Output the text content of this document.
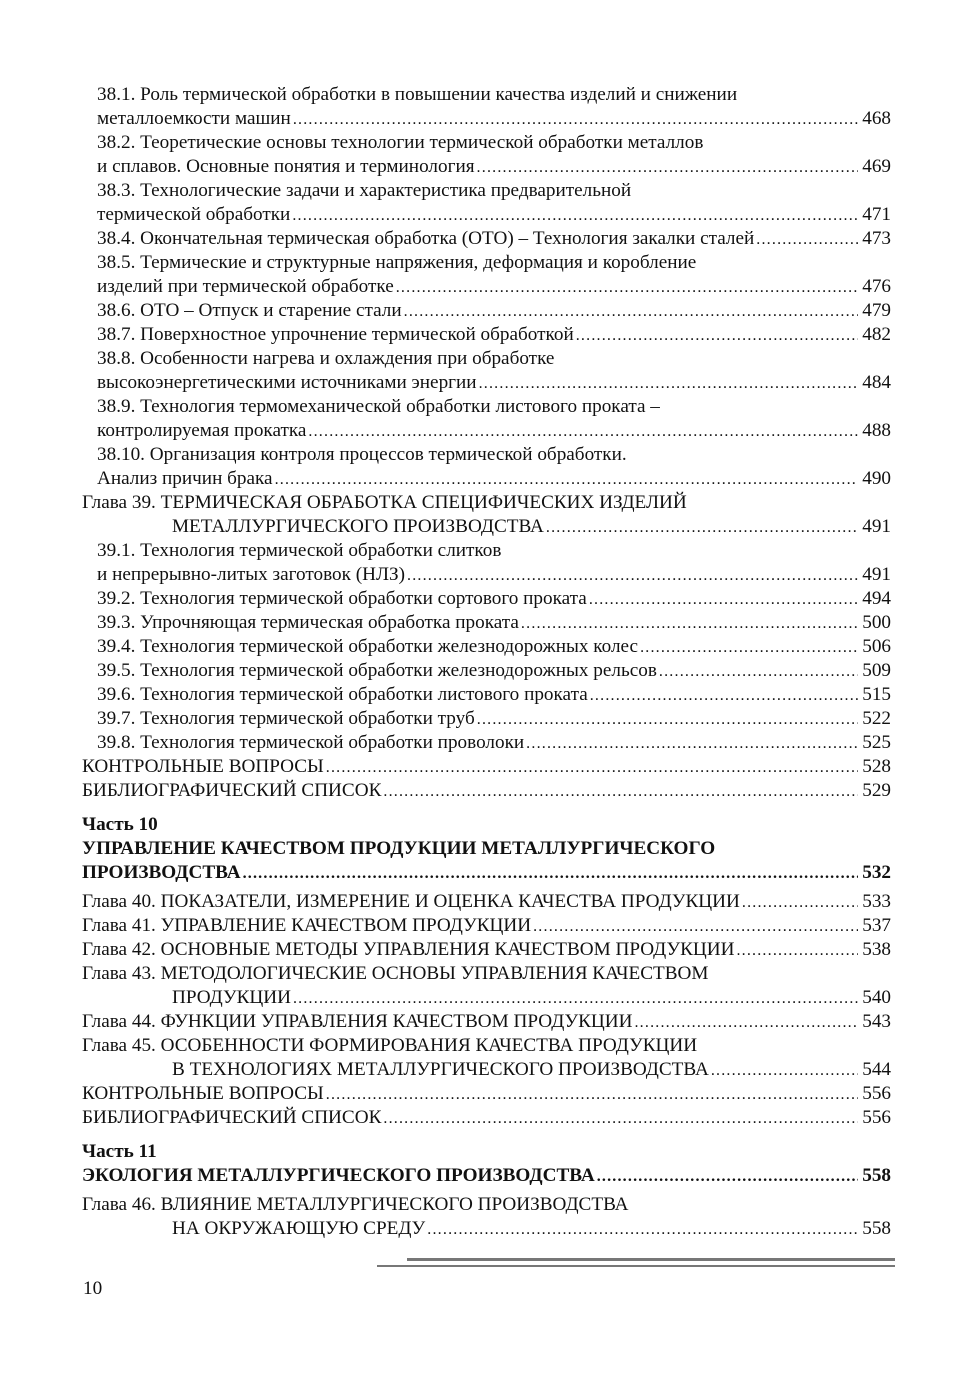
38.1. Роль термической обработки в повышении качества изделий и снижении
металлоемкости машин .....	468
38.2. Теоретические основы технологии термической обработки металлов
и сплавов. Основные понятия и терминология .....	469
38.3. Технологические задачи и характеристика предварительной
термической обработки .....	471
38.4. Окончательная термическая обработка (ОТО) – Технология закалки сталей .....	473
38.5. Термические и структурные напряжения, деформация и коробление
изделий при термической обработке .....	476
38.6. ОТО – Отпуск и старение стали .....	479
38.7. Поверхностное упрочнение термической обработкой .....	482
38.8. Особенности нагрева и охлаждения при обработке
высокоэнергетическими источниками энергии .....	484
38.9. Технология термомеханической обработки листового проката –
контролируемая прокатка .....	488
38.10. Организация контроля процессов термической обработки.
Анализ причин брака .....	490
Глава 39. ТЕРМИЧЕСКАЯ ОБРАБОТКА СПЕЦИФИЧЕСКИХ ИЗДЕЛИЙ
МЕТАЛЛУРГИЧЕСКОГО ПРОИЗВОДСТВА .....	491
39.1. Технология термической обработки слитков
и непрерывно-литых заготовок (НЛЗ) .....	491
39.2. Технология термической обработки сортового проката .....	494
39.3. Упрочняющая термическая обработка проката .....	500
39.4. Технология термической обработки железнодорожных колес .....	506
39.5. Технология термической обработки железнодорожных рельсов .....	509
39.6. Технология термической обработки листового проката .....	515
39.7. Технология термической обработки труб .....	522
39.8. Технология термической обработки проволоки .....	525
КОНТРОЛЬНЫЕ ВОПРОСЫ .....	528
БИБЛИОГРАФИЧЕСКИЙ СПИСОК .....	529
Часть 10
УПРАВЛЕНИЕ КАЧЕСТВОМ ПРОДУКЦИИ МЕТАЛЛУРГИЧЕСКОГО
ПРОИЗВОДСТВА .....	532
Глава 40. ПОКАЗАТЕЛИ, ИЗМЕРЕНИЕ И ОЦЕНКА КАЧЕСТВА ПРОДУКЦИИ .....	533
Глава 41. УПРАВЛЕНИЕ КАЧЕСТВОМ ПРОДУКЦИИ .....	537
Глава 42. ОСНОВНЫЕ МЕТОДЫ УПРАВЛЕНИЯ КАЧЕСТВОМ ПРОДУКЦИИ .....	538
Глава 43. МЕТОДОЛОГИЧЕСКИЕ ОСНОВЫ УПРАВЛЕНИЯ КАЧЕСТВОМ
ПРОДУКЦИИ .....	540
Глава 44. ФУНКЦИИ УПРАВЛЕНИЯ КАЧЕСТВОМ ПРОДУКЦИИ .....	543
Глава 45. ОСОБЕННОСТИ ФОРМИРОВАНИЯ КАЧЕСТВА ПРОДУКЦИИ
В ТЕХНОЛОГИЯХ МЕТАЛЛУРГИЧЕСКОГО ПРОИЗВОДСТВА .....	544
КОНТРОЛЬНЫЕ ВОПРОСЫ .....	556
БИБЛИОГРАФИЧЕСКИЙ СПИСОК .....	556
Часть 11
ЭКОЛОГИЯ МЕТАЛЛУРГИЧЕСКОГО ПРОИЗВОДСТВА .....	558
Глава 46. ВЛИЯНИЕ МЕТАЛЛУРГИЧЕСКОГО ПРОИЗВОДСТВА
НА ОКРУЖАЮЩУЮ СРЕДУ .....	558
10
